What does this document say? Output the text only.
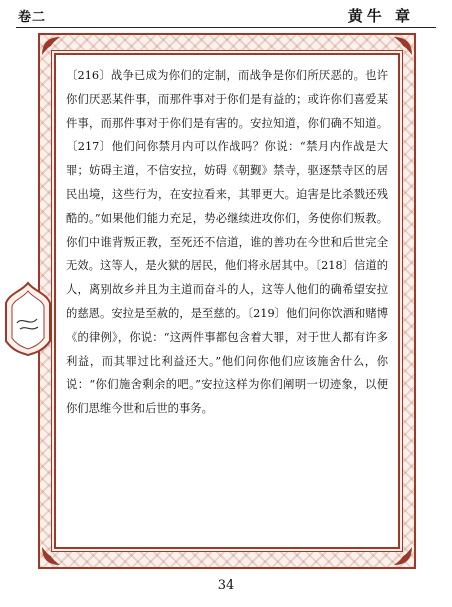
卷二	黄牛 章

〔216〕战争已成为你们的定制，而战争是你们所厌恶的。也许你们厌恶某件事，而那件事对于你们是有益的；或许你们喜爱某件事，而那件事对于你们是有害的。安拉知道，你们确不知道。〔217〕他们问你禁月内可以作战吗？你说：“禁月内作战是大罪；妨碍主道，不信安拉，妨碍《朝觐》禁寺，驱逐禁寺区的居民出境，这些行为，在安拉看来，其罪更大。迫害是比杀戮还残酷的。”如果他们能力充足，势必继续进攻你们，务使你们叛教。你们中谁背叛正教，至死还不信道，谁的善功在今世和后世完全无效。这等人，是火狱的居民，他们将永居其中。〔218〕信道的人，离别故乡并且为主道而奋斗的人，这等人他们的确希望安拉的慈恩。安拉是至赦的，是至慈的。〔219〕他们问你饮酒和赌博《的律例》，你说：“这两件事都包含着大罪，对于世人都有许多利益，而其罪过比利益还大。”他们问你他们应该施舍什么，你说：“你们施舍剩余的吧。”安拉这样为你们阐明一切迹象，以便你们思维今世和后世的事务。

34
